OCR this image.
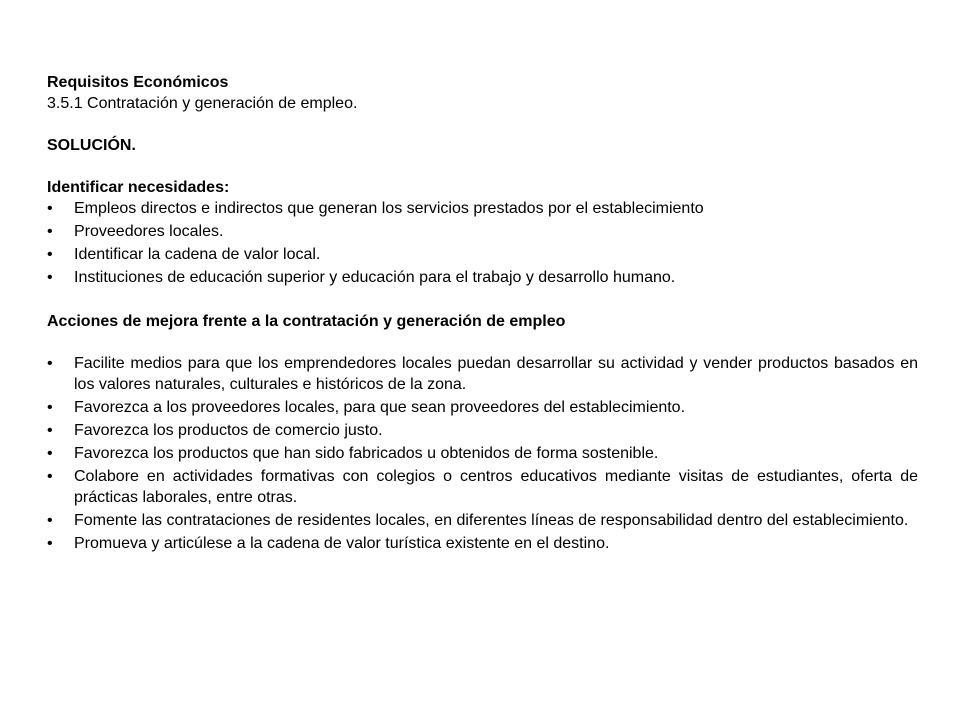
Requisitos Económicos

3.5.1 Contratación y generación de empleo.

SOLUCIÓN.

Identificar necesidades:

• Empleos directos e indirectos que generan los servicios prestados por el establecimiento
• Proveedores locales.
• Identificar la cadena de valor local.
• Instituciones de educación superior y educación para el trabajo y desarrollo humano.

Acciones de mejora frente a la contratación y generación de empleo

• Facilite medios para que los emprendedores locales puedan desarrollar su actividad y vender productos basados en los valores naturales, culturales e históricos de la zona.
• Favorezca a los proveedores locales, para que sean proveedores del establecimiento.
• Favorezca los productos de comercio justo.
• Favorezca los productos que han sido fabricados u obtenidos de forma sostenible.
• Colabore en actividades formativas con colegios o centros educativos mediante visitas de estudiantes, oferta de prácticas laborales, entre otras.
• Fomente las contrataciones de residentes locales, en diferentes líneas de responsabilidad dentro del establecimiento.
• Promueva y articúlese a la cadena de valor turística existente en el destino.
